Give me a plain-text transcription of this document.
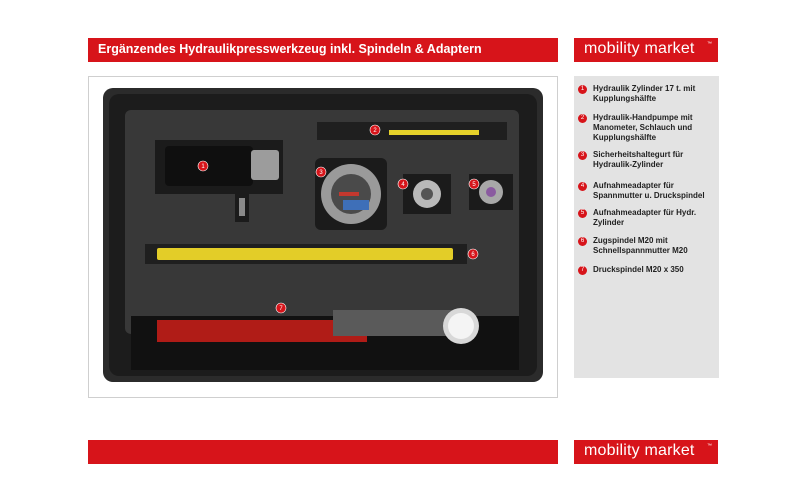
Ergänzendes Hydraulikpresswerkzeug inkl. Spindeln & Adaptern	mobility market ™
1
2
3
4	5
6
7
1	Hydraulik Zylinder 17 t. mit Kupplungshälfte
2	Hydraulik-Handpumpe mit Manometer, Schlauch und Kupplungshälfte
3	Sicherheitshaltegurt für Hydraulik-Zylinder
4	Aufnahmeadapter für Spannmutter u. Druckspindel
5	Aufnahmeadapter für Hydr. Zylinder
6	Zugspindel M20 mit Schnellspannmutter M20
7	Druckspindel M20 x 350
mobility market ™
